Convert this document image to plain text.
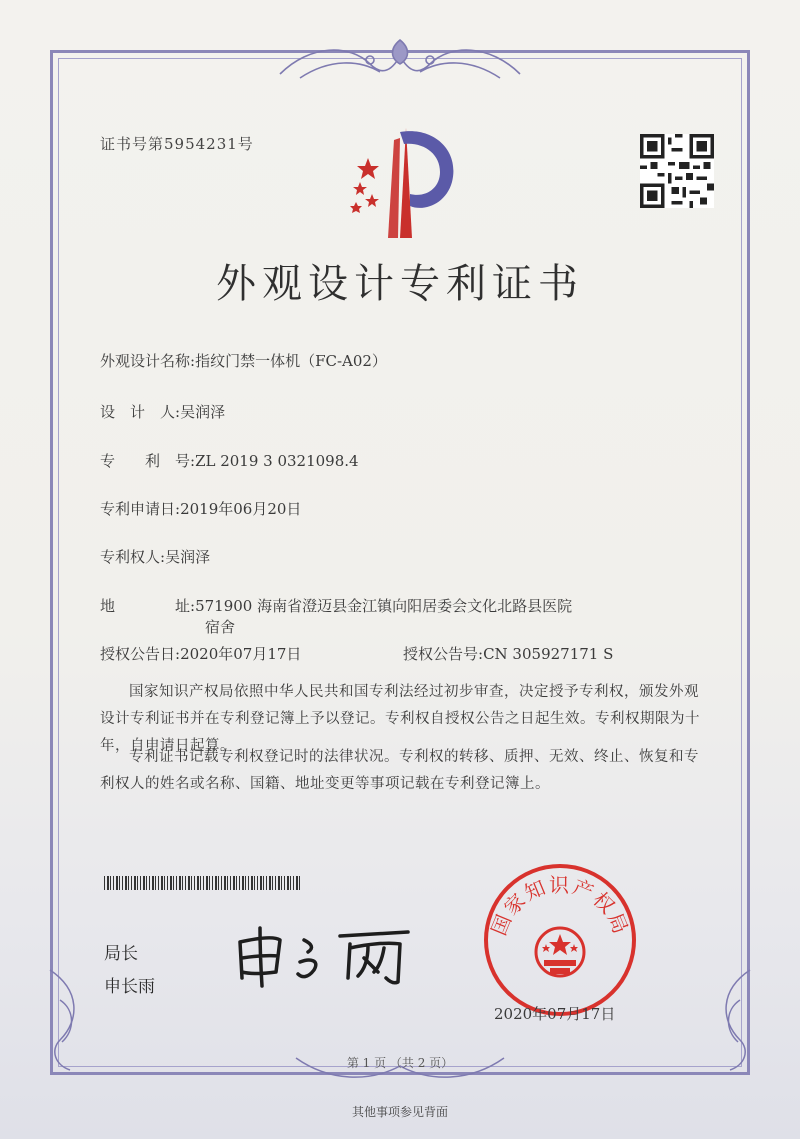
证书号第5954231号
外观设计专利证书
外观设计名称:指纹门禁一体机（FC-A02）
设　计　人:吴润泽
专　　利　号:ZL 2019 3 0321098.4
专利申请日:2019年06月20日
专利权人:吴润泽
地　　　　址:571900 海南省澄迈县金江镇向阳居委会文化北路县医院
宿舍
授权公告日:2020年07月17日	授权公告号:CN 305927171 S
国家知识产权局依照中华人民共和国专利法经过初步审查，决定授予专利权，颁发外观设计专利证书并在专利登记簿上予以登记。专利权自授权公告之日起生效。专利权期限为十年，自申请日起算。
专利证书记载专利权登记时的法律状况。专利权的转移、质押、无效、终止、恢复和专利权人的姓名或名称、国籍、地址变更等事项记载在专利登记簿上。
局长
申长雨
国家知识产权局
2020年07月17日
第 1 页 （共 2 页）
其他事项参见背面
